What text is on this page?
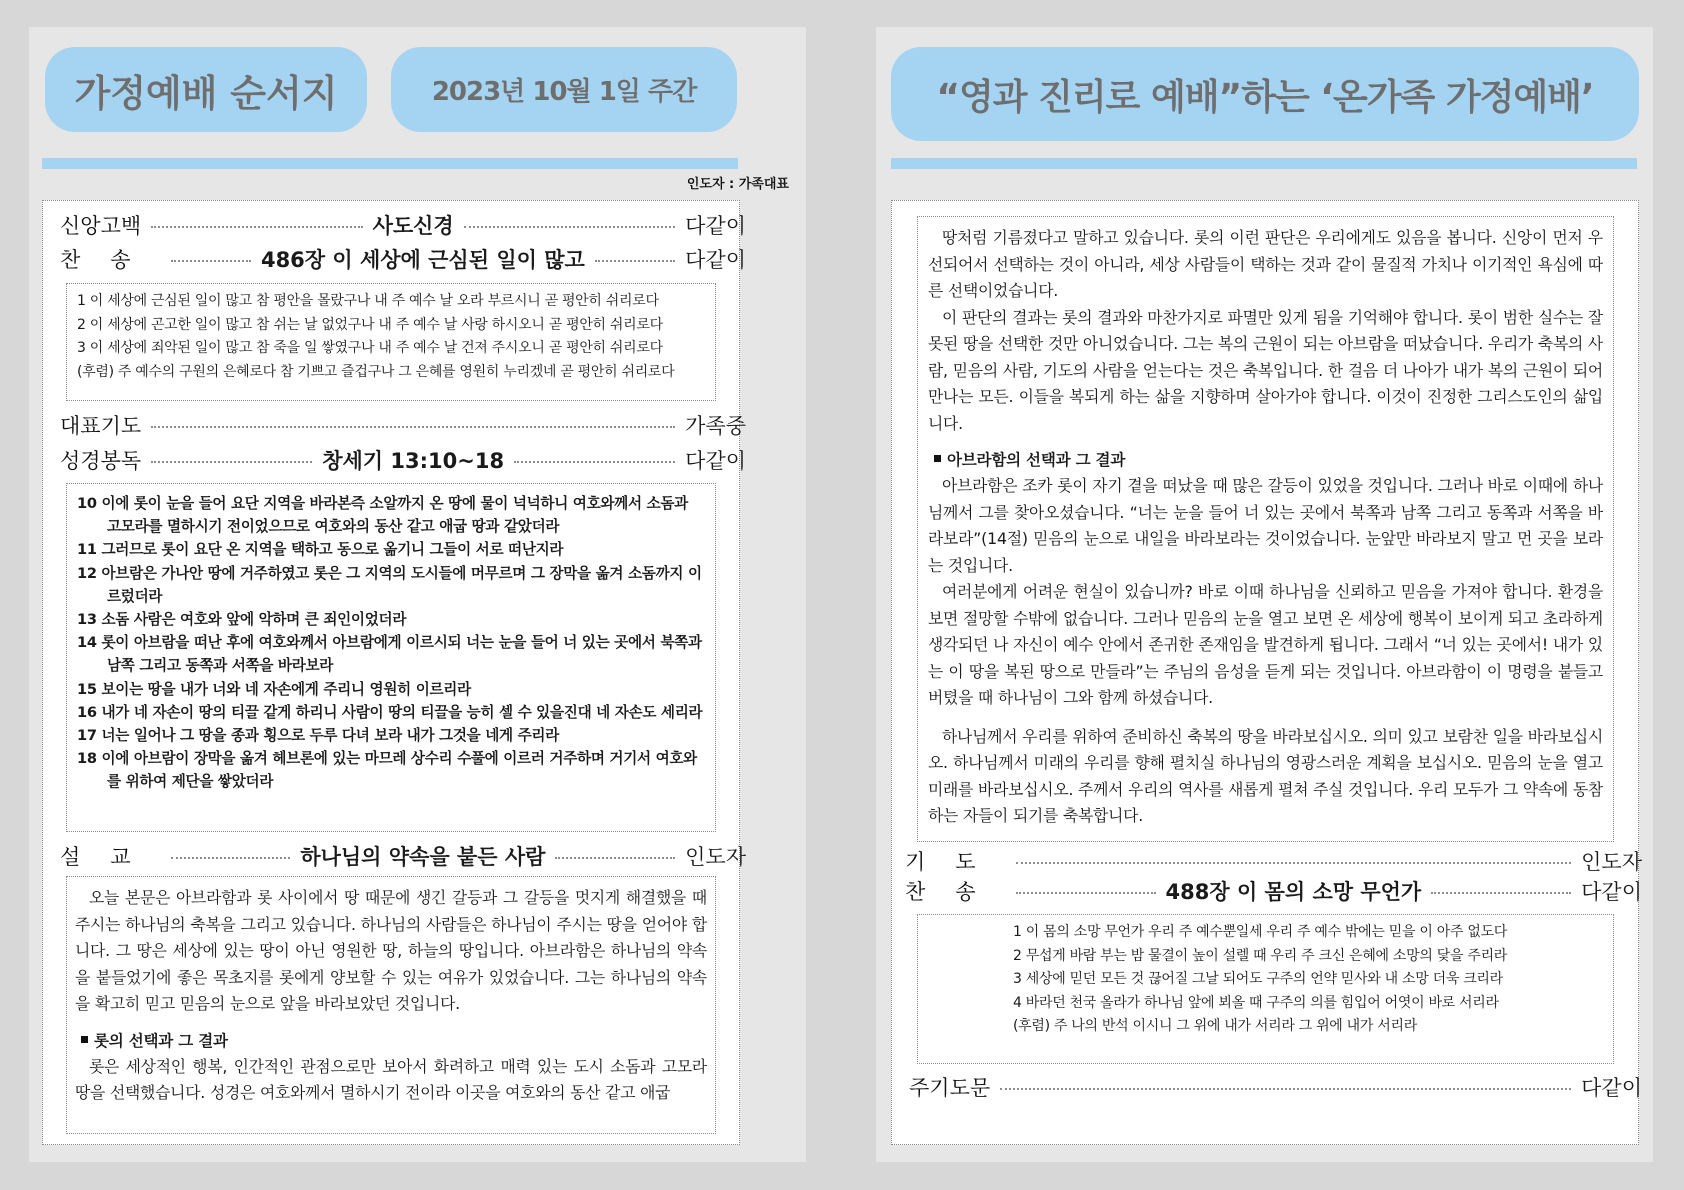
가정예배 순서지	2023년 10월 1일 주간
인도자 : 가족대표
신앙고백	사도신경	다같이
찬송	486장 이 세상에 근심된 일이 많고	다같이
1 이 세상에 근심된 일이 많고 참 평안을 몰랐구나 내 주 예수 날 오라 부르시니 곧 평안히 쉬리로다
2 이 세상에 곤고한 일이 많고 참 쉬는 날 없었구나 내 주 예수 날 사랑 하시오니 곧 평안히 쉬리로다
3 이 세상에 죄악된 일이 많고 참 죽을 일 쌓였구나 내 주 예수 날 건져 주시오니 곧 평안히 쉬리로다
(후렴) 주 예수의 구원의 은혜로다 참 기쁘고 즐겁구나 그 은혜를 영원히 누리겠네 곧 평안히 쉬리로다
대표기도	가족중
성경봉독	창세기 13:10~18	다같이
10 이에 롯이 눈을 들어 요단 지역을 바라본즉 소알까지 온 땅에 물이 넉넉하니 여호와께서 소돔과 고모라를 멸하시기 전이었으므로 여호와의 동산 같고 애굽 땅과 같았더라
11 그러므로 롯이 요단 온 지역을 택하고 동으로 옮기니 그들이 서로 떠난지라
12 아브람은 가나안 땅에 거주하였고 롯은 그 지역의 도시들에 머무르며 그 장막을 옮겨 소돔까지 이르렀더라
13 소돔 사람은 여호와 앞에 악하며 큰 죄인이었더라
14 롯이 아브람을 떠난 후에 여호와께서 아브람에게 이르시되 너는 눈을 들어 너 있는 곳에서 북쪽과 남쪽 그리고 동쪽과 서쪽을 바라보라
15 보이는 땅을 내가 너와 네 자손에게 주리니 영원히 이르리라
16 내가 네 자손이 땅의 티끌 같게 하리니 사람이 땅의 티끌을 능히 셀 수 있을진대 네 자손도 세리라
17 너는 일어나 그 땅을 종과 횡으로 두루 다녀 보라 내가 그것을 네게 주리라
18 이에 아브람이 장막을 옮겨 헤브론에 있는 마므레 상수리 수풀에 이르러 거주하며 거기서 여호와를 위하여 제단을 쌓았더라
설교	하나님의 약속을 붙든 사람	인도자

오늘 본문은 아브라함과 롯 사이에서 땅 때문에 생긴 갈등과 그 갈등을 멋지게 해결했을 때 주시는 하나님의 축복을 그리고 있습니다. 하나님의 사람들은 하나님이 주시는 땅을 얻어야 합니다. 그 땅은 세상에 있는 땅이 아닌 영원한 땅, 하늘의 땅입니다. 아브라함은 하나님의 약속을 붙들었기에 좋은 목초지를 롯에게 양보할 수 있는 여유가 있었습니다. 그는 하나님의 약속을 확고히 믿고 믿음의 눈으로 앞을 바라보았던 것입니다.

롯의 선택과 그 결과

롯은 세상적인 행복, 인간적인 관점으로만 보아서 화려하고 매력 있는 도시 소돔과 고모라 땅을 선택했습니다. 성경은 여호와께서 멸하시기 전이라 이곳을 여호와의 동산 같고 애굽

“영과 진리로 예배”하는 ‘온가족 가정예배’

땅처럼 기름졌다고 말하고 있습니다. 롯의 이런 판단은 우리에게도 있음을 봅니다. 신앙이 먼저 우선되어서 선택하는 것이 아니라, 세상 사람들이 택하는 것과 같이 물질적 가치나 이기적인 욕심에 따른 선택이었습니다.

이 판단의 결과는 롯의 결과와 마찬가지로 파멸만 있게 됨을 기억해야 합니다. 롯이 범한 실수는 잘못된 땅을 선택한 것만 아니었습니다. 그는 복의 근원이 되는 아브람을 떠났습니다. 우리가 축복의 사람, 믿음의 사람, 기도의 사람을 얻는다는 것은 축복입니다. 한 걸음 더 나아가 내가 복의 근원이 되어 만나는 모든. 이들을 복되게 하는 삶을 지향하며 살아가야 합니다. 이것이 진정한 그리스도인의 삶입니다.

아브라함의 선택과 그 결과

아브라함은 조카 롯이 자기 곁을 떠났을 때 많은 갈등이 있었을 것입니다. 그러나 바로 이때에 하나님께서 그를 찾아오셨습니다. “너는 눈을 들어 너 있는 곳에서 북쪽과 남쪽 그리고 동쪽과 서쪽을 바라보라”(14절) 믿음의 눈으로 내일을 바라보라는 것이었습니다. 눈앞만 바라보지 말고 먼 곳을 보라는 것입니다.

여러분에게 어려운 현실이 있습니까? 바로 이때 하나님을 신뢰하고 믿음을 가져야 합니다. 환경을 보면 절망할 수밖에 없습니다. 그러나 믿음의 눈을 열고 보면 온 세상에 행복이 보이게 되고 초라하게 생각되던 나 자신이 예수 안에서 존귀한 존재임을 발견하게 됩니다. 그래서 “너 있는 곳에서! 내가 있는 이 땅을 복된 땅으로 만들라”는 주님의 음성을 듣게 되는 것입니다. 아브라함이 이 명령을 붙들고 버텼을 때 하나님이 그와 함께 하셨습니다.

하나님께서 우리를 위하여 준비하신 축복의 땅을 바라보십시오. 의미 있고 보람찬 일을 바라보십시오. 하나님께서 미래의 우리를 향해 펼치실 하나님의 영광스러운 계획을 보십시오. 믿음의 눈을 열고 미래를 바라보십시오. 주께서 우리의 역사를 새롭게 펼쳐 주실 것입니다. 우리 모두가 그 약속에 동참하는 자들이 되기를 축복합니다.

기도	인도자
찬송	488장 이 몸의 소망 무언가	다같이
1 이 몸의 소망 무언가 우리 주 예수뿐일세 우리 주 예수 밖에는 믿을 이 아주 없도다
2 무섭게 바람 부는 밤 물결이 높이 설렐 때 우리 주 크신 은혜에 소망의 닻을 주리라
3 세상에 믿던 모든 것 끊어질 그날 되어도 구주의 언약 믿사와 내 소망 더욱 크리라
4 바라던 천국 올라가 하나님 앞에 뵈올 때 구주의 의를 힘입어 어엿이 바로 서리라
(후렴) 주 나의 반석 이시니 그 위에 내가 서리라 그 위에 내가 서리라
주기도문	다같이
